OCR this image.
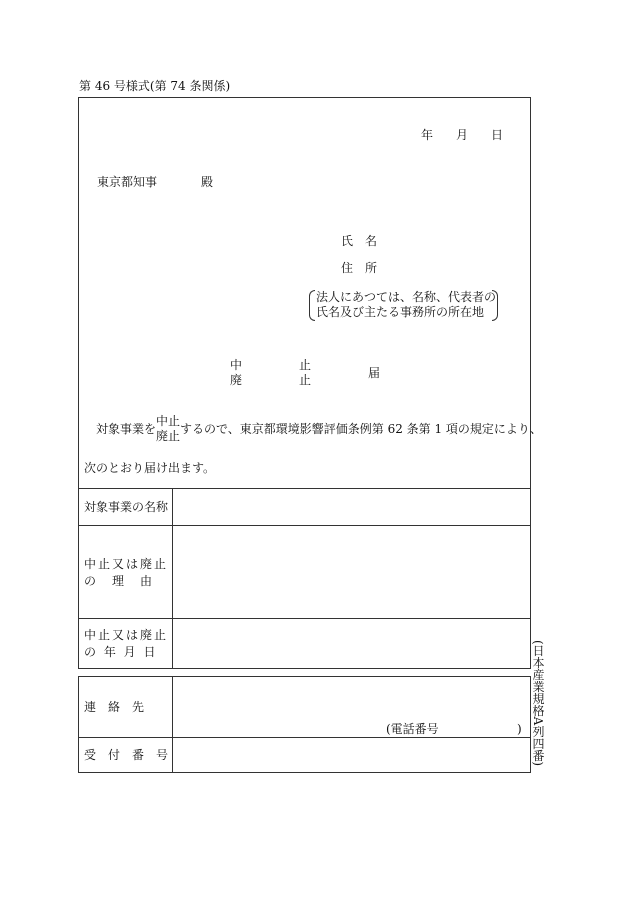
第 46 号様式(第 74 条関係)
年 月 日
東京都知事	殿
氏　名
住　所
法人にあつては、名称、代表者の
氏名及び主たる事務所の所在地
中
廃
止
止	届
対象事業を
中止
廃止 するので、東京都環境影響評価条例第 62 条第 1 項の規定により、
次のとおり届け出ます。
対象事業の名称
中止又は廃止
の　理　由
中止又は廃止
の 年 月 日
連　絡　先
(電話番号	)
受　付　番　号	(日本産業規格A列四番)
